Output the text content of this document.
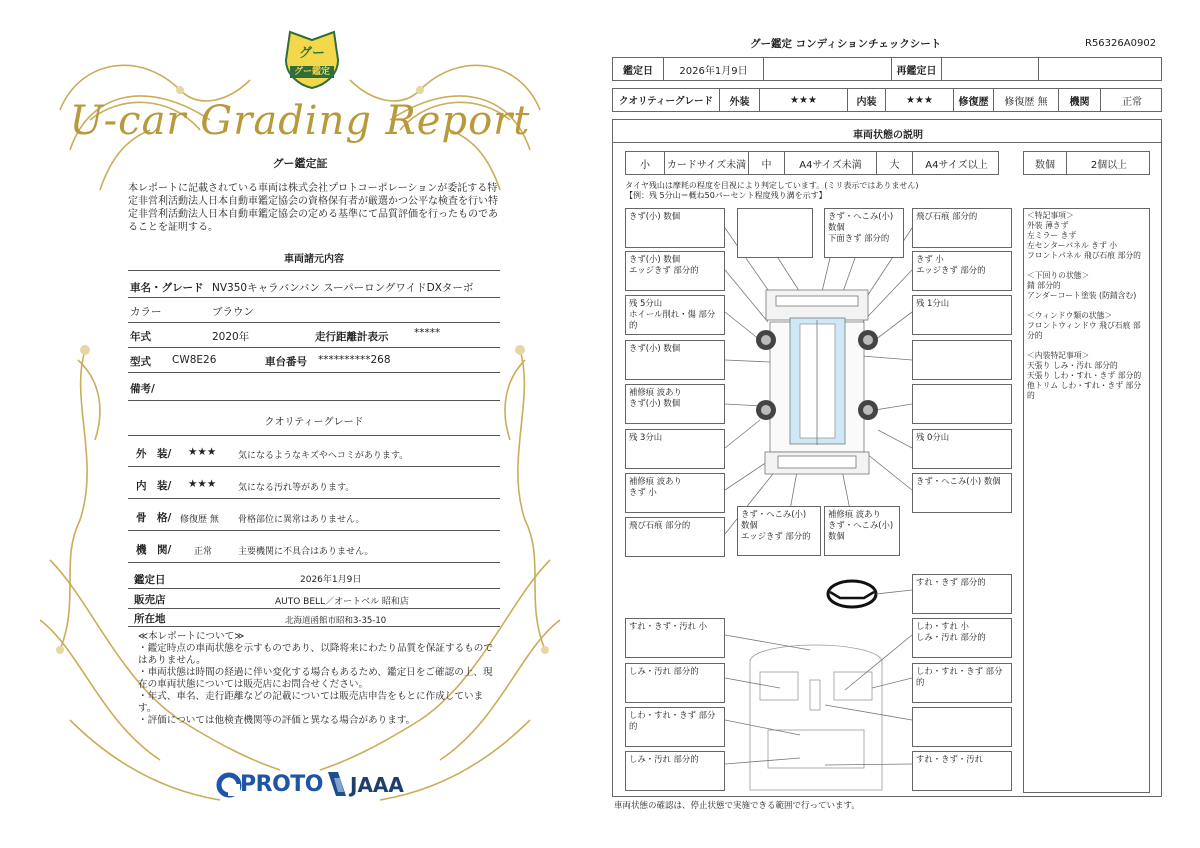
グー
グー鑑定
U-car Grading Report
グー鑑定証
本レポートに記載されている車両は株式会社プロトコーポレーションが委託する特定非営利活動法人日本自動車鑑定協会の資格保有者が厳選かつ公平な検査を行い特定非営利活動法人日本自動車鑑定協会の定める基準にて品質評価を行ったものであることを証明する。
車両諸元内容
車名・グレード NV350キャラバンバン スーパーロングワイドDXターボ
カラー	ブラウン
年式	2020年	走行距離計表示 *****
型式 CW8E26	車台番号 **********268
備考/
クオリティーグレード
外　装/ ★★★ 気になるようなキズやヘコミがあります。
内　装/ ★★★ 気になる汚れ等があります。
骨　格/ 修復歴 無 骨格部位に異常はありません。
機　関/	正常	主要機関に不具合はありません。
鑑定日	2026年1月9日
販売店	AUTO BELL／オートベル 昭和店
所在地	北海道函館市昭和3-35-10
≪本レポートについて≫
・鑑定時点の車両状態を示すものであり、以降将来にわたり品質を保証するものではありません。
・車両状態は時間の経過に伴い変化する場合もあるため、鑑定日をご確認の上、現在の車両状態については販売店にお問合せください。
・年式、車名、走行距離などの記載については販売店申告をもとに作成しています。
・評価については他検査機関等の評価と異なる場合があります。
PROTO JAAA
グー鑑定 コンディションチェックシート	R56326A0902
鑑定日	2026年1月9日	再鑑定日
クオリティーグレード	外装	★★★	内装	★★★	修復歴	修復歴 無	機関	正常
車両状態の説明
小	カードサイズ未満	中	A4サイズ未満	大	A4サイズ以上	数個	2個以上
タイヤ残山は摩耗の程度を目視により判定しています。(ミリ表示ではありません)
【例：残 5分山＝概ね50パーセント程度残り溝を示す】
きず(小) 数個
きず(小) 数個
エッジきず 部分的
残 5分山
ホイール削れ・傷 部分的
きず(小) 数個
補修痕 波あり
きず(小) 数個
残 3分山
補修痕 波あり
きず 小
飛び石痕 部分的
きず・へこみ(小) 数個
下面きず 部分的
飛び石痕 部分的
きず 小
エッジきず 部分的
残 1分山
残 0分山
きず・へこみ(小) 数個
きず・へこみ(小) 数個
エッジきず 部分的
補修痕 波あり
きず・へこみ(小) 数個
＜特記事項＞
外装 薄きず
左ミラー きず
左センターパネル きず 小
フロントパネル 飛び石痕 部分的
＜下回りの状態＞
錆 部分的
アンダーコート塗装 (防錆含む)
＜ウィンドウ類の状態＞
フロントウィンドウ 飛び石痕 部分的
＜内装特記事項＞
天張り しみ・汚れ 部分的
天張り しわ・すれ・きず 部分的
他トリム しわ・すれ・きず 部分的
すれ・きず 部分的
しわ・すれ 小
しみ・汚れ 部分的
しわ・すれ・きず 部分的
すれ・きず・汚れ
すれ・きず・汚れ 小
しみ・汚れ 部分的
しわ・すれ・きず 部分的
しみ・汚れ 部分的
車両状態の確認は、停止状態で実施できる範囲で行っています。
